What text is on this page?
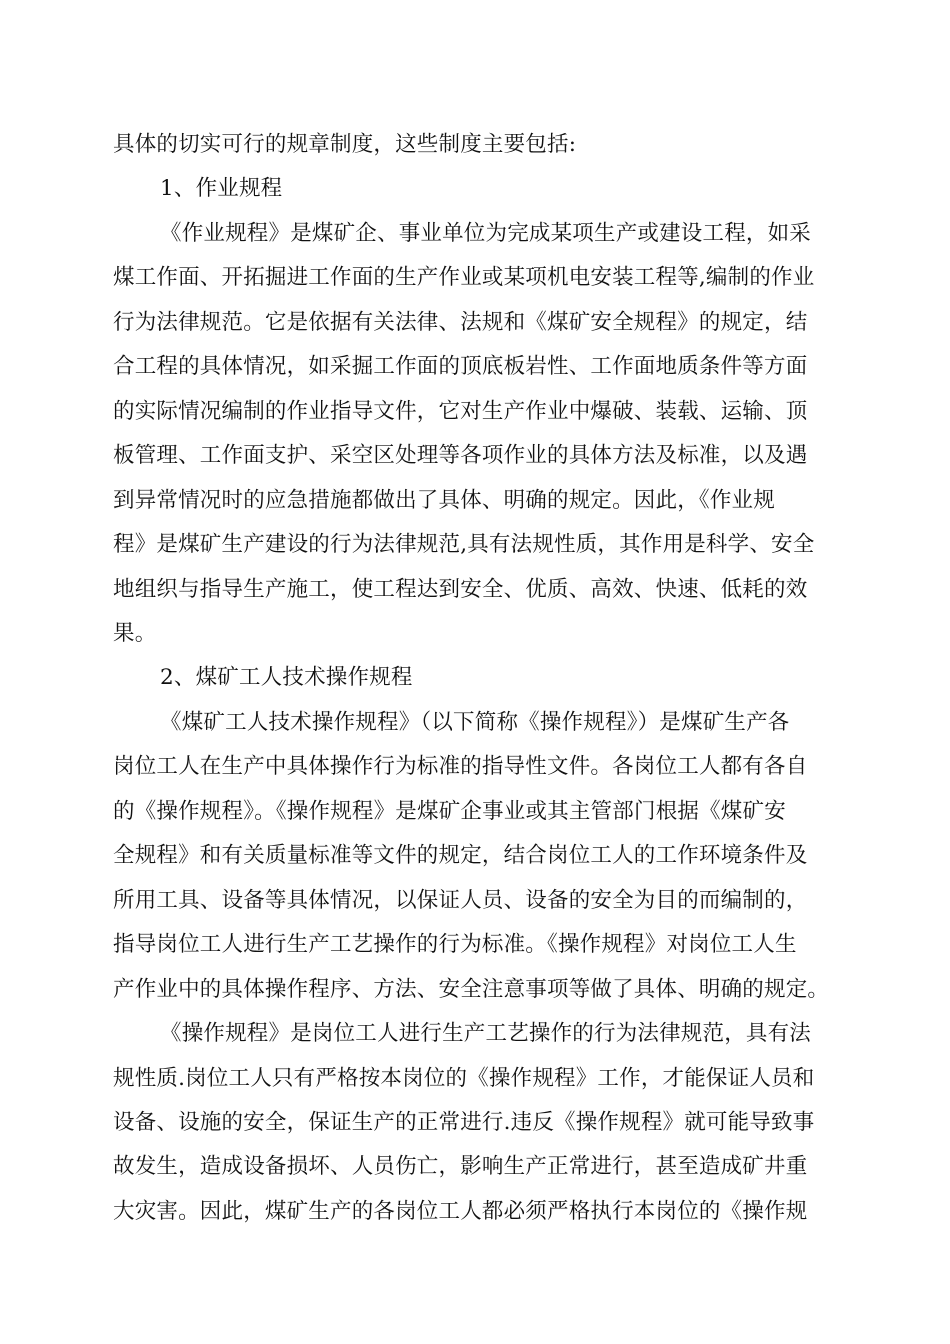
具体的切实可行的规章制度，这些制度主要包括:
1、作业规程
《作业规程》是煤矿企、事业单位为完成某项生产或建设工程，如采
煤工作面、开拓掘进工作面的生产作业或某项机电安装工程等,编制的作业
行为法律规范。它是依据有关法律、法规和《煤矿安全规程》的规定，结
合工程的具体情况，如采掘工作面的顶底板岩性、工作面地质条件等方面
的实际情况编制的作业指导文件，它对生产作业中爆破、装载、运输、顶
板管理、工作面支护、采空区处理等各项作业的具体方法及标准，以及遇
到异常情况时的应急措施都做出了具体、明确的规定。因此，《作业规
程》是煤矿生产建设的行为法律规范,具有法规性质，其作用是科学、安全
地组织与指导生产施工，使工程达到安全、优质、高效、快速、低耗的效
果。
2、煤矿工人技术操作规程
《煤矿工人技术操作规程》（以下简称《操作规程》）是煤矿生产各
岗位工人在生产中具体操作行为标准的指导性文件。各岗位工人都有各自
的《操作规程》。《操作规程》是煤矿企事业或其主管部门根据《煤矿安
全规程》和有关质量标准等文件的规定，结合岗位工人的工作环境条件及
所用工具、设备等具体情况，以保证人员、设备的安全为目的而编制的，
指导岗位工人进行生产工艺操作的行为标准。《操作规程》对岗位工人生
产作业中的具体操作程序、方法、安全注意事项等做了具体、明确的规定。
《操作规程》是岗位工人进行生产工艺操作的行为法律规范，具有法
规性质.岗位工人只有严格按本岗位的《操作规程》工作，才能保证人员和
设备、设施的安全，保证生产的正常进行.违反《操作规程》就可能导致事
故发生，造成设备损坏、人员伤亡，影响生产正常进行，甚至造成矿井重
大灾害。因此，煤矿生产的各岗位工人都必须严格执行本岗位的《操作规
